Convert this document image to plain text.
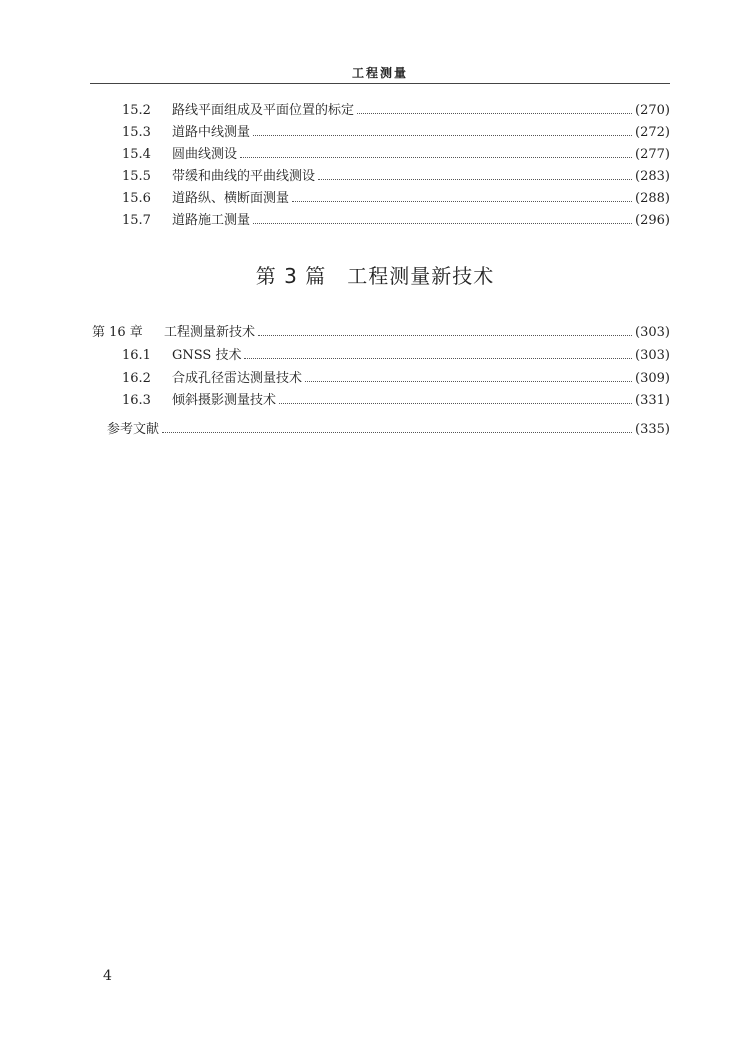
工程测量
15.2	路线平面组成及平面位置的标定	(270)
15.3	道路中线测量	(272)
15.4	圆曲线测设	(277)
15.5	带缓和曲线的平曲线测设	(283)
15.6	道路纵、横断面测量	(288)
15.7	道路施工测量	(296)
第 3 篇　工程测量新技术
第 16 章	工程测量新技术	(303)
16.1	GNSS 技术	(303)
16.2	合成孔径雷达测量技术	(309)
16.3	倾斜摄影测量技术	(331)
参考文献	(335)
4
